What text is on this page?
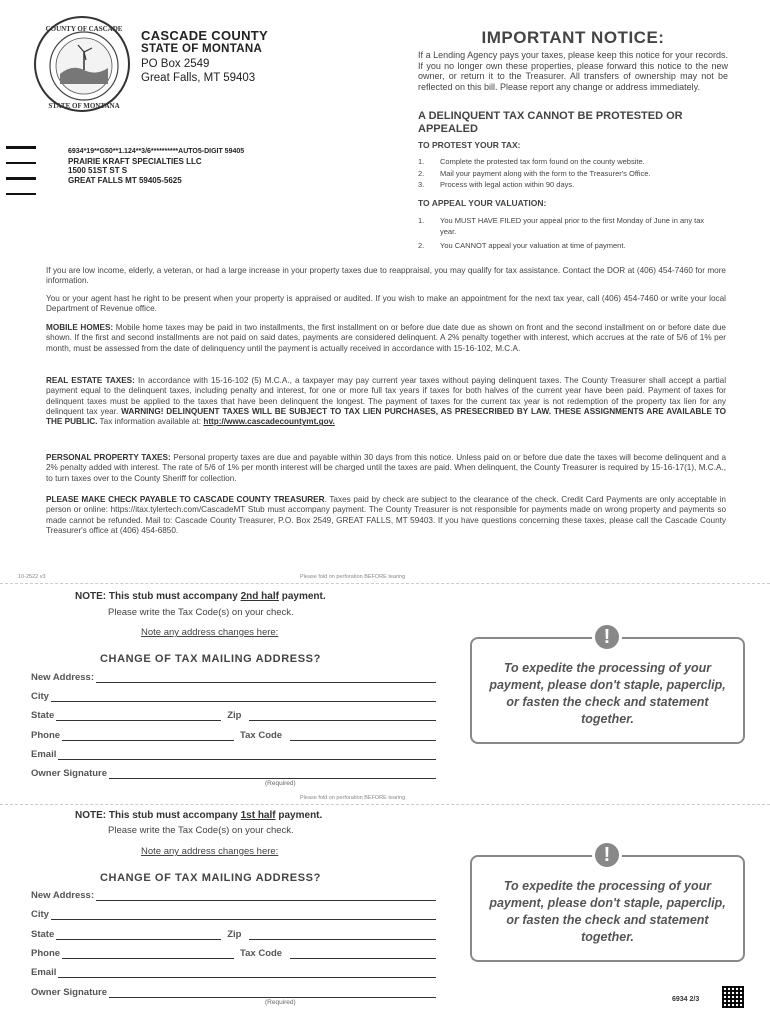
COUNTY OF CASCADE
STATE OF MONTANA
CASCADE COUNTY
STATE OF MONTANA
PO Box 2549
Great Falls, MT 59403
IMPORTANT NOTICE:
If a Lending Agency pays your taxes, please keep this notice for your records. If you no longer own these properties, please forward this notice to the new owner, or return it to the Treasurer. All transfers of ownership may not be reflected on this bill. Please report any change or address immediately.
A DELINQUENT TAX CANNOT BE PROTESTED OR APPEALED
TO PROTEST YOUR TAX:
1.	Complete the protested tax form found on the county website.
2.	Mail your payment along with the form to the Treasurer's Office.
3.	Process with legal action within 90 days.
TO APPEAL YOUR VALUATION:
1.	You MUST HAVE FILED your appeal prior to the first Monday of June in any tax year.
2.	You CANNOT appeal your valuation at time of payment.
6934*19**G50**1.124**3/6**********AUTO5-DIGIT 59405
PRAIRIE KRAFT SPECIALTIES LLC
1500 51ST ST S
GREAT FALLS MT 59405-5625
If you are low income, elderly, a veteran, or had a large increase in your property taxes due to reappraisal, you may qualify for tax assistance. Contact the DOR at (406) 454-7460 for more information.
You or your agent hast he right to be present when your property is appraised or audited. If you wish to make an appointment for the next tax year, call (406) 454-7460 or write your local Department of Revenue office.
MOBILE HOMES: Mobile home taxes may be paid in two installments, the first installment on or before due date due as shown on front and the second installment on or before date due shown. If the first and second installments are not paid on said dates, payments are considered delinquent. A 2% penalty together with interest, which accrues at the rate of 5/6 of 1% per month, must be assessed from the date of delinquency until the payment is actually received in accordance with 15-16-102, M.C.A.
REAL ESTATE TAXES: In accordance with 15-16-102 (5) M.C.A., a taxpayer may pay current year taxes without paying delinquent taxes. The County Treasurer shall accept a partial payment equal to the delinquent taxes, including penalty and interest, for one or more full tax years if taxes for both halves of the current year have been paid. Payment of taxes for delinquent taxes must be applied to the taxes that have been delinquent the longest. The payment of taxes for the current tax year is not redemption of the property tax lien for any delinquent tax year. WARNING! DELINQUENT TAXES WILL BE SUBJECT TO TAX LIEN PURCHASES, AS PRESECRIBED BY LAW. THESE ASSIGNMENTS ARE AVAILABLE TO THE PUBLIC. Tax information available at: http://www.cascadecountymt.gov.
PERSONAL PROPERTY TAXES: Personal property taxes are due and payable within 30 days from this notice. Unless paid on or before due date the taxes will become delinquent and a 2% penalty added with interest. The rate of 5/6 of 1% per month interest will be charged until the taxes are paid. When delinquent, the County Treasurer is required by 15-16-17(1), M.C.A., to turn taxes over to the County Sheriff for collection.
PLEASE MAKE CHECK PAYABLE TO CASCADE COUNTY TREASURER. Taxes paid by check are subject to the clearance of the check. Credit Card Payments are only acceptable in person or online: https://itax.tylertech.com/CascadeMT Stub must accompany payment. The County Treasurer is not responsible for payments made on wrong property and payments so made cannot be refunded. Mail to: Cascade County Treasurer, P.O. Box 2549, GREAT FALLS, MT 59403. If you have questions concerning these taxes, please call the Cascade County Treasurer's office at (406) 454-6850.
10-2522 v3	Please fold on perforation BEFORE tearing
NOTE: This stub must accompany 2nd half payment.
Please write the Tax Code(s) on your check.
Note any address changes here:
CHANGE OF TAX MAILING ADDRESS?
New Address:
City
State	Zip
Phone	Tax Code
Email
Owner Signature
(Required)
To expedite the processing of your payment, please don't staple, paperclip, or fasten the check and statement together.
!
Please fold on perforation BEFORE tearing
NOTE: This stub must accompany 1st half payment.
Please write the Tax Code(s) on your check.
Note any address changes here:
CHANGE OF TAX MAILING ADDRESS?
New Address:
City
State	Zip
Phone	Tax Code
Email
Owner Signature
(Required)
To expedite the processing of your payment, please don't staple, paperclip, or fasten the check and statement together.
!
6934 2/3
